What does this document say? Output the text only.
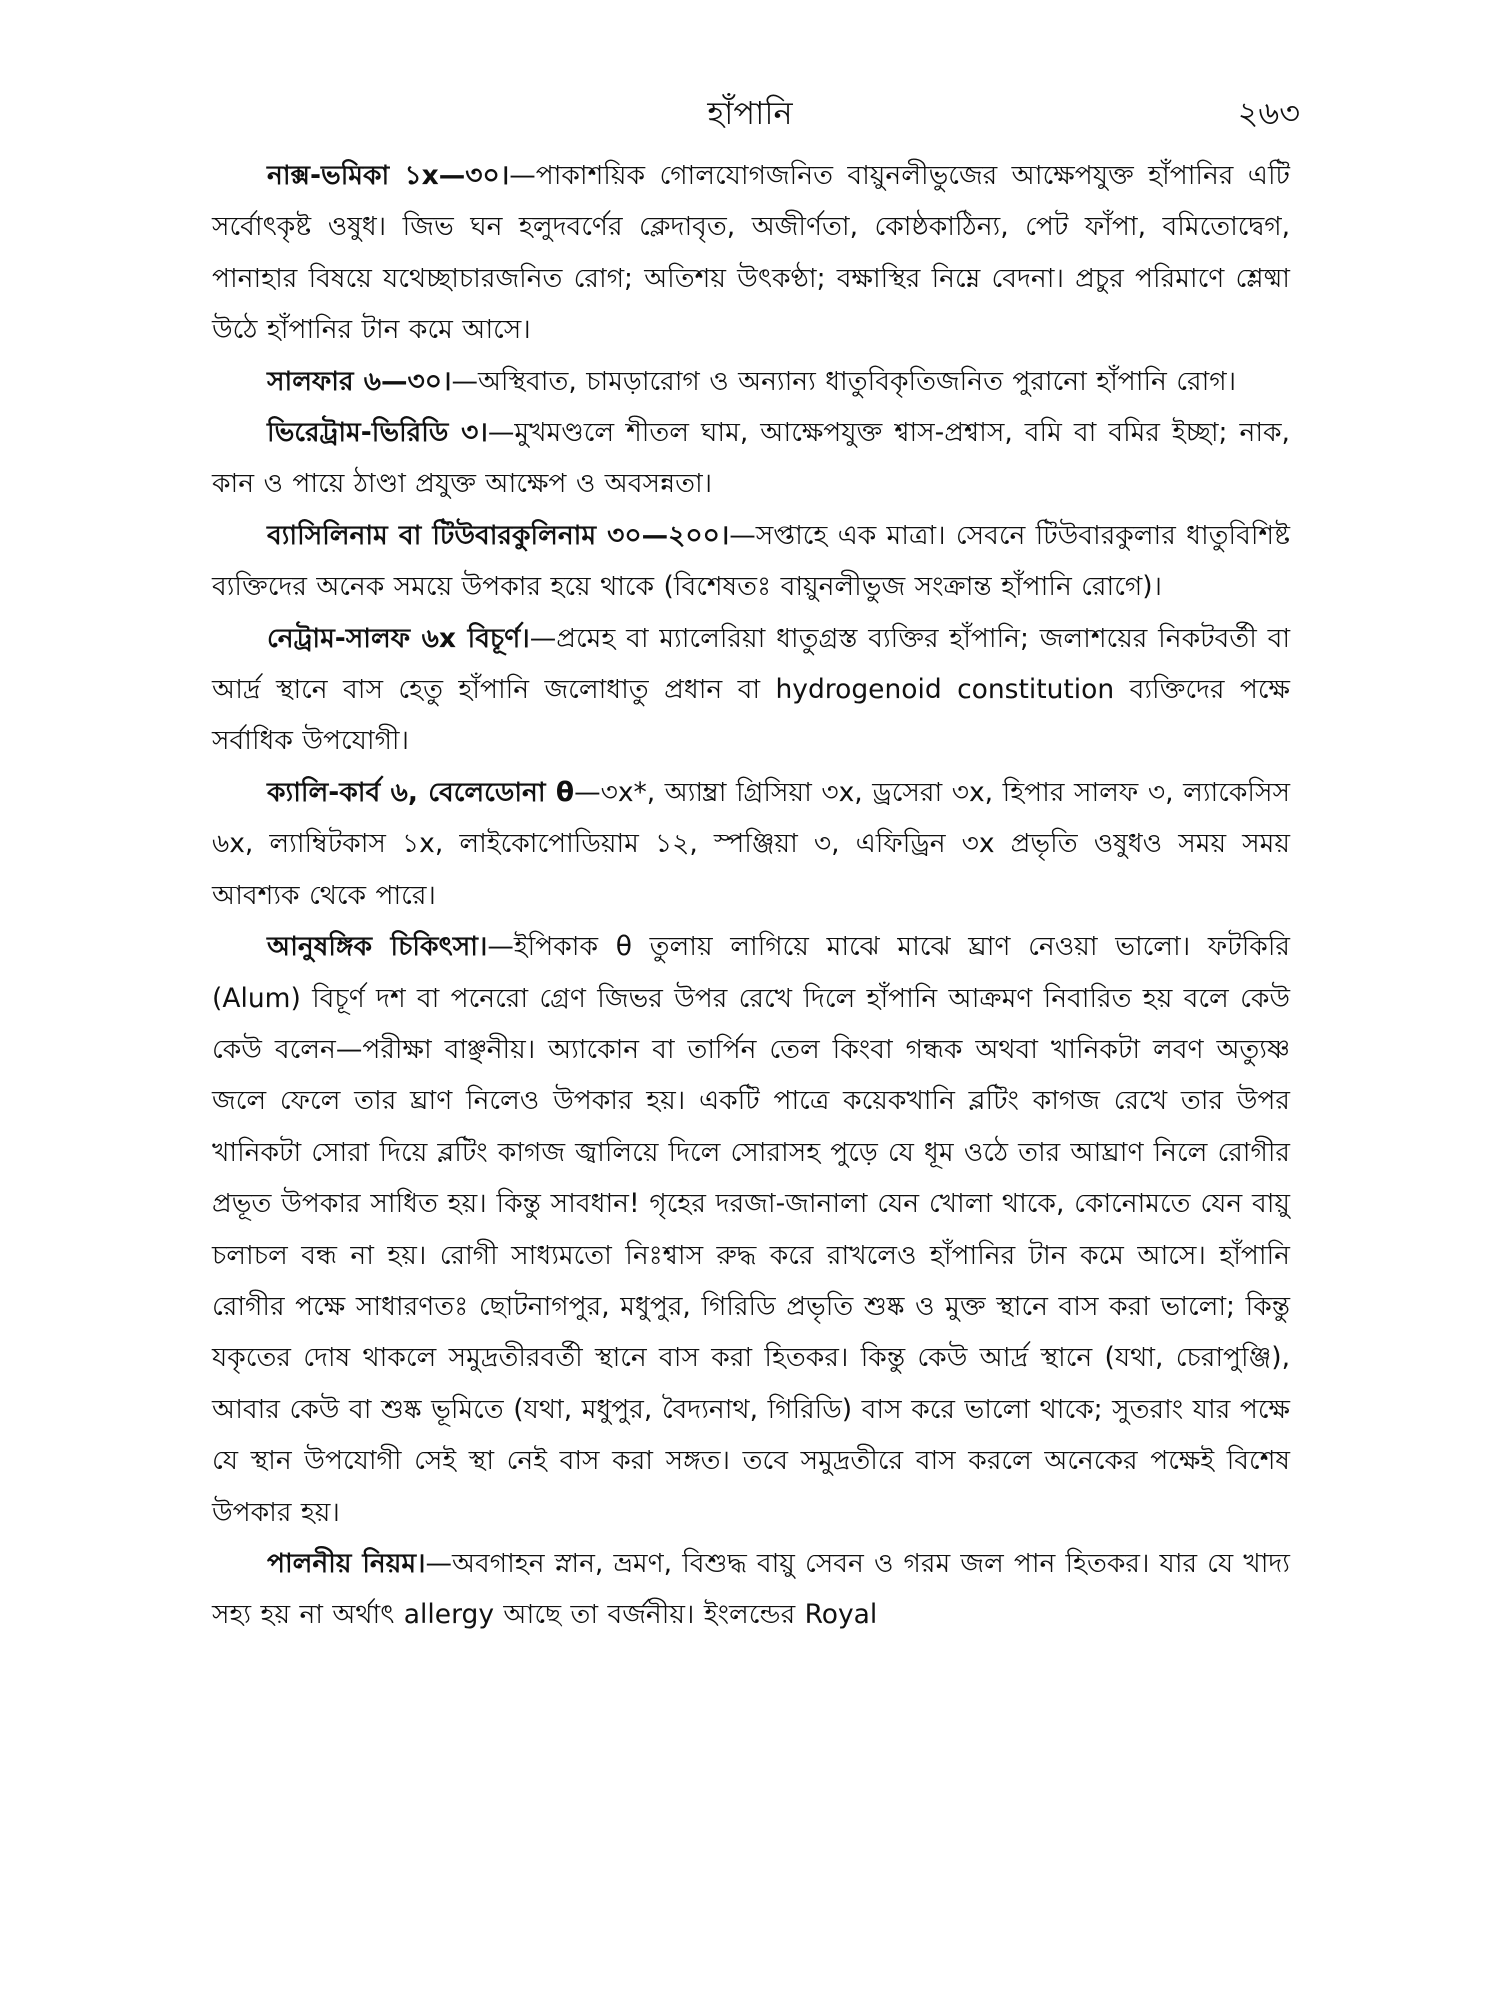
হাঁপানি	২৬৩

নাক্স-ভমিকা ১x—৩০।—পাকাশয়িক গোলযোগজনিত বায়ুনলীভুজের আক্ষেপযুক্ত হাঁপানির এটি সর্বোৎকৃষ্ট ওষুধ। জিভ ঘন হলুদবর্ণের ক্লেদাবৃত, অজীর্ণতা, কোষ্ঠকাঠিন্য, পেট ফাঁপা, বমিতোদ্বেগ, পানাহার বিষয়ে যথেচ্ছাচারজনিত রোগ; অতিশয় উৎকণ্ঠা; বক্ষাস্থির নিম্নে বেদনা। প্রচুর পরিমাণে শ্লেষ্মা উঠে হাঁপানির টান কমে আসে।

সালফার ৬—৩০।—অস্থিবাত, চামড়ারোগ ও অন্যান্য ধাতুবিকৃতিজনিত পুরানো হাঁপানি রোগ।

ভিরেট্রাম-ভিরিডি ৩।—মুখমণ্ডলে শীতল ঘাম, আক্ষেপযুক্ত শ্বাস-প্রশ্বাস, বমি বা বমির ইচ্ছা; নাক, কান ও পায়ে ঠাণ্ডা প্রযুক্ত আক্ষেপ ও অবসন্নতা।

ব্যাসিলিনাম বা টিউবারকুলিনাম ৩০—২০০।—সপ্তাহে এক মাত্রা। সেবনে টিউবারকুলার ধাতুবিশিষ্ট ব্যক্তিদের অনেক সময়ে উপকার হয়ে থাকে (বিশেষতঃ বায়ুনলীভুজ সংক্রান্ত হাঁপানি রোগে)।

নেট্রাম-সালফ ৬x বিচূর্ণ।—প্রমেহ বা ম্যালেরিয়া ধাতুগ্রস্ত ব্যক্তির হাঁপানি; জলাশয়ের নিকটবর্তী বা আর্দ্র স্থানে বাস হেতু হাঁপানি জলোধাতু প্রধান বা hydrogenoid constitution ব্যক্তিদের পক্ষে সর্বাধিক উপযোগী।

ক্যালি-কার্ব ৬, বেলেডোনা θ—৩x*, অ্যাম্ব্রা গ্রিসিয়া ৩x, ড্রসেরা ৩x, হিপার সালফ ৩, ল্যাকেসিস ৬x, ল্যাম্বিটকাস ১x, লাইকোপোডিয়াম ১২, স্পঞ্জিয়া ৩, এফিড্রিন ৩x প্রভৃতি ওষুধও সময় সময় আবশ্যক থেকে পারে।

আনুষঙ্গিক চিকিৎসা।—ইপিকাক θ তুলায় লাগিয়ে মাঝে মাঝে ঘ্রাণ নেওয়া ভালো। ফটকিরি (Alum) বিচূর্ণ দশ বা পনেরো গ্রেণ জিভর উপর রেখে দিলে হাঁপানি আক্রমণ নিবারিত হয় বলে কেউ কেউ বলেন—পরীক্ষা বাঞ্ছনীয়। অ্যাকোন বা তার্পিন তেল কিংবা গন্ধক অথবা খানিকটা লবণ অত্যুষ্ণ জলে ফেলে তার ঘ্রাণ নিলেও উপকার হয়। একটি পাত্রে কয়েকখানি ব্লটিং কাগজ রেখে তার উপর খানিকটা সোরা দিয়ে ব্লটিং কাগজ জ্বালিয়ে দিলে সোরাসহ পুড়ে যে ধূম ওঠে তার আঘ্রাণ নিলে রোগীর প্রভূত উপকার সাধিত হয়। কিন্তু সাবধান! গৃহের দরজা-জানালা যেন খোলা থাকে, কোনোমতে যেন বায়ু চলাচল বন্ধ না হয়। রোগী সাধ্যমতো নিঃশ্বাস রুদ্ধ করে রাখলেও হাঁপানির টান কমে আসে। হাঁপানি রোগীর পক্ষে সাধারণতঃ ছোটনাগপুর, মধুপুর, গিরিডি প্রভৃতি শুষ্ক ও মুক্ত স্থানে বাস করা ভালো; কিন্তু যকৃতের দোষ থাকলে সমুদ্রতীরবর্তী স্থানে বাস করা হিতকর। কিন্তু কেউ আর্দ্র স্থানে (যথা, চেরাপুঞ্জি), আবার কেউ বা শুষ্ক ভূমিতে (যথা, মধুপুর, বৈদ্যনাথ, গিরিডি) বাস করে ভালো থাকে; সুতরাং যার পক্ষে যে স্থান উপযোগী সেই স্থা নেই বাস করা সঙ্গত। তবে সমুদ্রতীরে বাস করলে অনেকের পক্ষেই বিশেষ উপকার হয়।

পালনীয় নিয়ম।—অবগাহন স্নান, ভ্রমণ, বিশুদ্ধ বায়ু সেবন ও গরম জল পান হিতকর। যার যে খাদ্য সহ্য হয় না অর্থাৎ allergy আছে তা বর্জনীয়। ইংলন্ডের Royal
